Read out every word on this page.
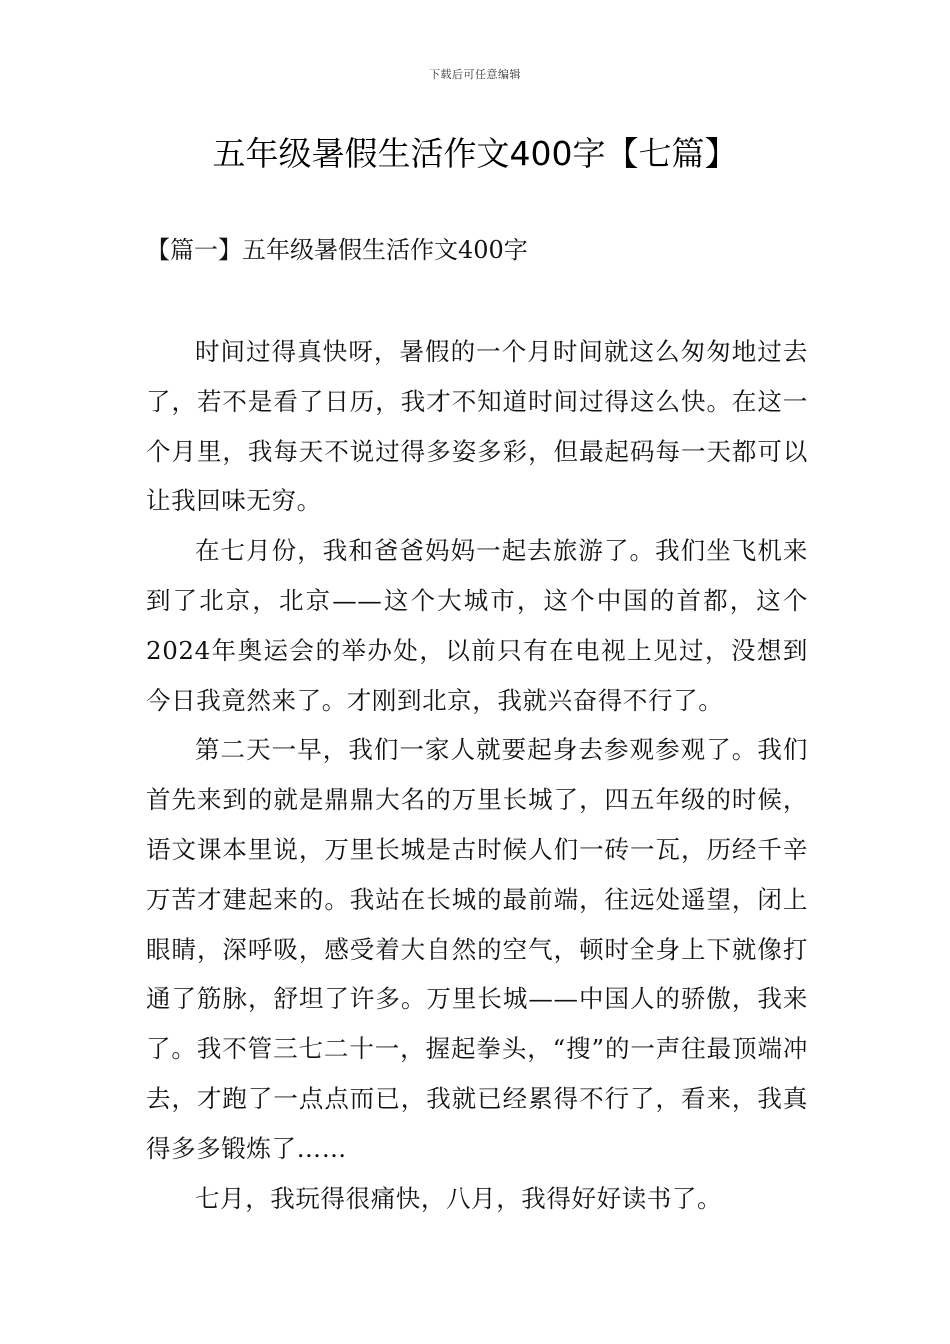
下载后可任意编辑
五年级暑假生活作文400字【七篇】
【篇一】五年级暑假生活作文400字

时间过得真快呀，暑假的一个月时间就这么匆匆地过去了，若不是看了日历，我才不知道时间过得这么快。在这一个月里，我每天不说过得多姿多彩，但最起码每一天都可以让我回味无穷。

在七月份，我和爸爸妈妈一起去旅游了。我们坐飞机来到了北京，北京——这个大城市，这个中国的首都，这个2024年奥运会的举办处，以前只有在电视上见过，没想到今日我竟然来了。才刚到北京，我就兴奋得不行了。

第二天一早，我们一家人就要起身去参观参观了。我们首先来到的就是鼎鼎大名的万里长城了，四五年级的时候，语文课本里说，万里长城是古时候人们一砖一瓦，历经千辛万苦才建起来的。我站在长城的最前端，往远处遥望，闭上眼睛，深呼吸，感受着大自然的空气，顿时全身上下就像打通了筋脉，舒坦了许多。万里长城——中国人的骄傲，我来了。我不管三七二十一，握起拳头，“搜”的一声往最顶端冲去，才跑了一点点而已，我就已经累得不行了，看来，我真得多多锻炼了……

七月，我玩得很痛快，八月，我得好好读书了。
